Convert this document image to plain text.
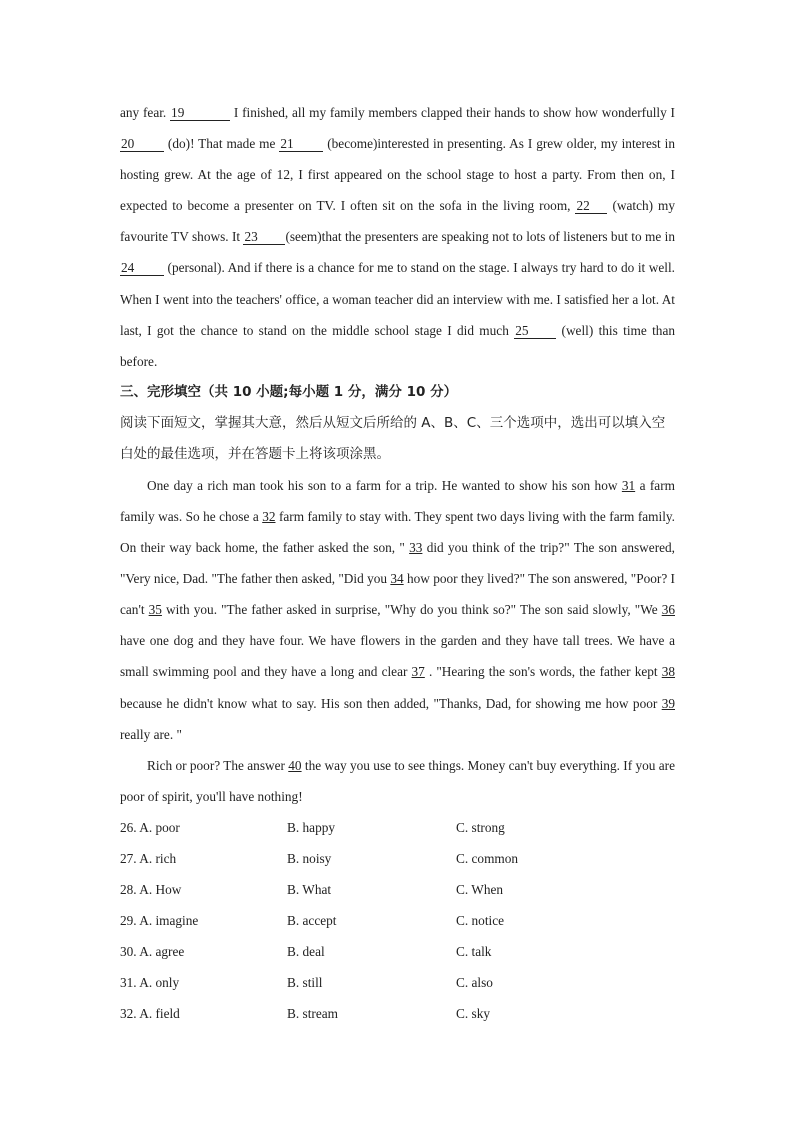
any fear. 19	I finished, all my family members clapped their hands to show how wonderfully I 20 (do)! That made me 21 (become)interested in presenting. As I grew older, my interest in hosting grew. At the age of 12, I first appeared on the school stage to host a party. From then on, I expected to become a presenter on TV. I often sit on the sofa in the living room, 22 (watch) my favourite TV shows. It 23 (seem)that the presenters are speaking not to lots of listeners but to me in 24 (personal). And if there is a chance for me to stand on the stage. I always try hard to do it well. When I went into the teachers' office, a woman teacher did an interview with me. I satisfied her a lot. At last, I got the chance to stand on the middle school stage I did much 25 (well) this time than before.

三、完形填空（共 10 小题;每小题 1 分，满分 10 分）

阅读下面短文，掌握其大意，然后从短文后所给的 A、B、C、三个选项中，选出可以填入空白处的最佳选项，并在答题卡上将该项涂黑。

One day a rich man took his son to a farm for a trip. He wanted to show his son how 31 a farm family was. So he chose a 32 farm family to stay with. They spent two days living with the farm family. On their way back home, the father asked the son, " 33 did you think of the trip?" The son answered, "Very nice, Dad. "The father then asked, "Did you 34 how poor they lived?" The son answered, "Poor? I can't 35 with you. "The father asked in surprise, "Why do you think so?" The son said slowly, "We 36 have one dog and they have four. We have flowers in the garden and they have tall trees. We have a small swimming pool and they have a long and clear 37 . "Hearing the son's words, the father kept 38 because he didn't know what to say. His son then added, "Thanks, Dad, for showing me how poor 39 really are. "

Rich or poor? The answer 40 the way you use to see things. Money can't buy everything. If you are poor of spirit, you'll have nothing!

26. A. poor	B. happy	C. strong
27. A. rich	B. noisy	C. common
28. A. How	B. What	C. When
29. A. imagine	B. accept	C. notice
30. A. agree	B. deal	C. talk
31. A. only	B. still	C. also
32. A. field	B. stream	C. sky
